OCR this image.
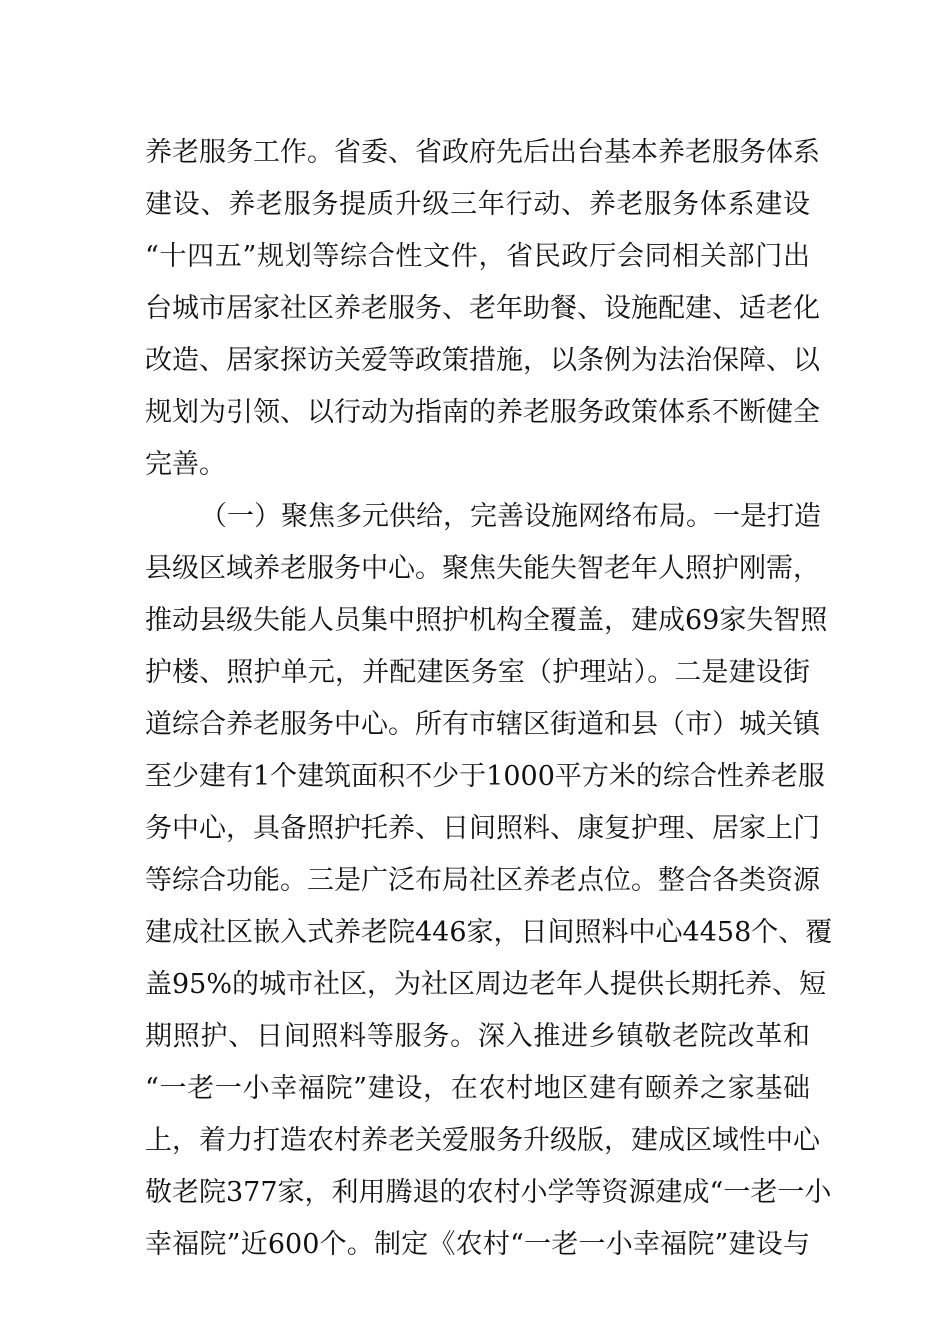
养老服务工作。省委、省政府先后出台基本养老服务体系
建设、养老服务提质升级三年行动、养老服务体系建设
“十四五”规划等综合性文件，省民政厅会同相关部门出
台城市居家社区养老服务、老年助餐、设施配建、适老化
改造、居家探访关爱等政策措施，以条例为法治保障、以
规划为引领、以行动为指南的养老服务政策体系不断健全
完善。
（一）聚焦多元供给，完善设施网络布局。一是打造
县级区域养老服务中心。聚焦失能失智老年人照护刚需，
推动县级失能人员集中照护机构全覆盖，建成69家失智照
护楼、照护单元，并配建医务室（护理站）。二是建设街
道综合养老服务中心。所有市辖区街道和县（市）城关镇
至少建有1个建筑面积不少于1000平方米的综合性养老服
务中心，具备照护托养、日间照料、康复护理、居家上门
等综合功能。三是广泛布局社区养老点位。整合各类资源
建成社区嵌入式养老院446家，日间照料中心4458个、覆
盖95%的城市社区，为社区周边老年人提供长期托养、短
期照护、日间照料等服务。深入推进乡镇敬老院改革和
“一老一小幸福院”建设，在农村地区建有颐养之家基础
上，着力打造农村养老关爱服务升级版，建成区域性中心
敬老院377家，利用腾退的农村小学等资源建成“一老一小
幸福院”近600个。制定《农村“一老一小幸福院”建设与
